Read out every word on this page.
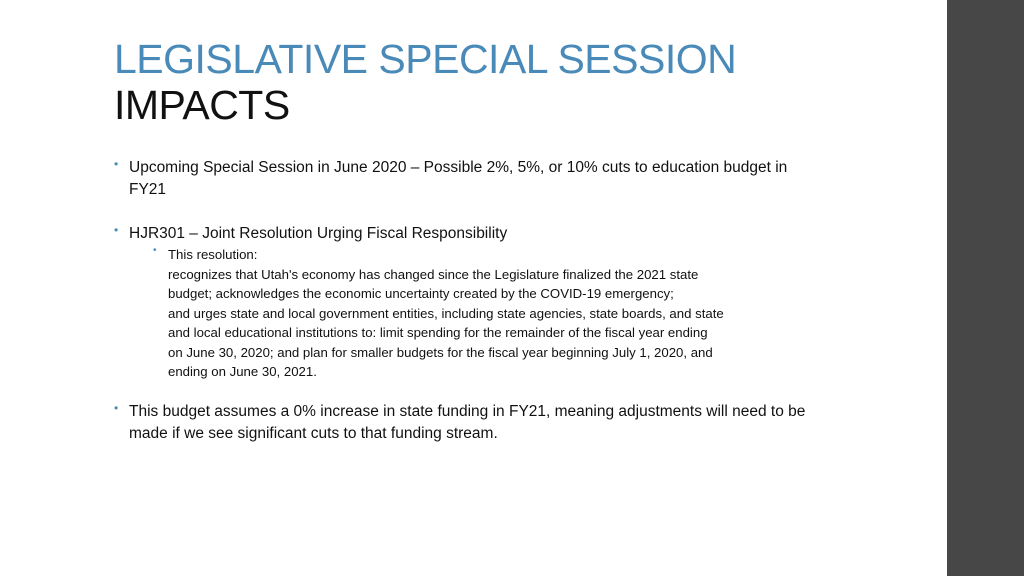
LEGISLATIVE SPECIAL SESSION
IMPACTS
• Upcoming Special Session in June 2020 – Possible 2%, 5%, or 10% cuts to education budget in FY21
• HJR301 – Joint Resolution Urging Fiscal Responsibility
• This resolution:
recognizes that Utah's economy has changed since the Legislature finalized the 2021 state
budget; acknowledges the economic uncertainty created by the COVID-19 emergency;
and urges state and local government entities, including state agencies, state boards, and state
and local educational institutions to: limit spending for the remainder of the fiscal year ending
on June 30, 2020; and plan for smaller budgets for the fiscal year beginning July 1, 2020, and
ending on June 30, 2021.
• This budget assumes a 0% increase in state funding in FY21, meaning adjustments will need to be made if we see significant cuts to that funding stream.
